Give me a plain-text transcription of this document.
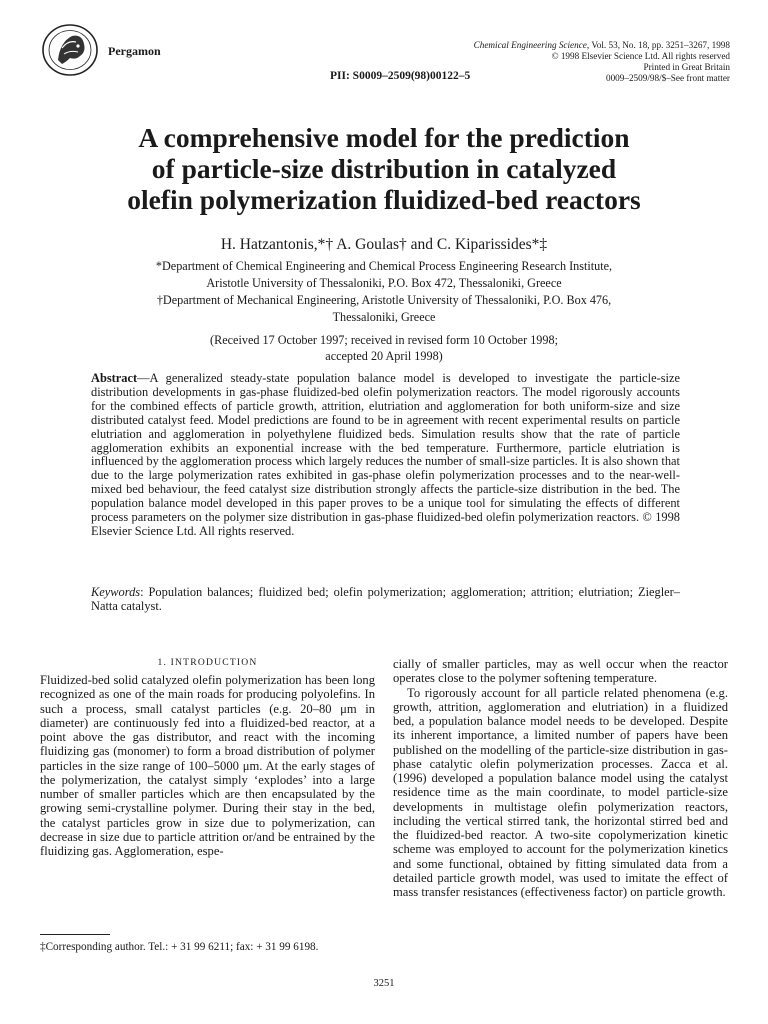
Pergamon	Chemical Engineering Science, Vol. 53, No. 18, pp. 3251–3267, 1998
© 1998 Elsevier Science Ltd. All rights reserved
Printed in Great Britain
0009–2509/98/$–See front matter
PII: S0009–2509(98)00122–5
A comprehensive model for the prediction
of particle-size distribution in catalyzed
olefin polymerization fluidized-bed reactors
H. Hatzantonis,*† A. Goulas† and C. Kiparissides*‡
*Department of Chemical Engineering and Chemical Process Engineering Research Institute,
Aristotle University of Thessaloniki, P.O. Box 472, Thessaloniki, Greece
†Department of Mechanical Engineering, Aristotle University of Thessaloniki, P.O. Box 476,
Thessaloniki, Greece
(Received 17 October 1997; received in revised form 10 October 1998;
accepted 20 April 1998)
Abstract—A generalized steady-state population balance model is developed to investigate the particle-size distribution developments in gas-phase fluidized-bed olefin polymerization reactors. The model rigorously accounts for the combined effects of particle growth, attrition, elutriation and agglomeration for both uniform-size and size distributed catalyst feed. Model predictions are found to be in agreement with recent experimental results on particle elutriation and agglomeration in polyethylene fluidized beds. Simulation results show that the rate of particle agglomeration exhibits an exponential increase with the bed temperature. Furthermore, particle elutriation is influenced by the agglomeration process which largely reduces the number of small-size particles. It is also shown that due to the large polymerization rates exhibited in gas-phase olefin polymerization processes and to the near-well-mixed bed behaviour, the feed catalyst size distribution strongly affects the particle-size distribution in the bed. The population balance model developed in this paper proves to be a unique tool for simulating the effects of different process parameters on the polymer size distribution in gas-phase fluidized-bed olefin polymerization reactors. © 1998 Elsevier Science Ltd. All rights reserved.
Keywords: Population balances; fluidized bed; olefin polymerization; agglomeration; attrition; elutriation; Ziegler–Natta catalyst.
1. INTRODUCTION

Fluidized-bed solid catalyzed olefin polymerization has been long recognized as one of the main roads for producing polyolefins. In such a process, small catalyst particles (e.g. 20–80 μm in diameter) are continuously fed into a fluidized-bed reactor, at a point above the gas distributor, and react with the incoming fluidizing gas (monomer) to form a broad distribution of polymer particles in the size range of 100–5000 μm. At the early stages of the polymerization, the catalyst simply ‘explodes’ into a large number of smaller particles which are then encapsulated by the growing semi-crystalline polymer. During their stay in the bed, the catalyst particles grow in size due to polymerization, can decrease in size due to particle attrition or/and be entrained by the fluidizing gas. Agglomeration, espe-

cially of smaller particles, may as well occur when the reactor operates close to the polymer softening temperature.

To rigorously account for all particle related phenomena (e.g. growth, attrition, agglomeration and elutriation) in a fluidized bed, a population balance model needs to be developed. Despite its inherent importance, a limited number of papers have been published on the modelling of the particle-size distribution in gas-phase catalytic olefin polymerization processes. Zacca et al. (1996) developed a population balance model using the catalyst residence time as the main coordinate, to model particle-size developments in multistage olefin polymerization reactors, including the vertical stirred tank, the horizontal stirred bed and the fluidized-bed reactor. A two-site copolymerization kinetic scheme was employed to account for the polymerization kinetics and some functional, obtained by fitting simulated data from a detailed particle growth model, was used to imitate the effect of mass transfer resistances (effectiveness factor) on particle growth.

‡Corresponding author. Tel.: + 31 99 6211; fax: + 31 99 6198.
3251
